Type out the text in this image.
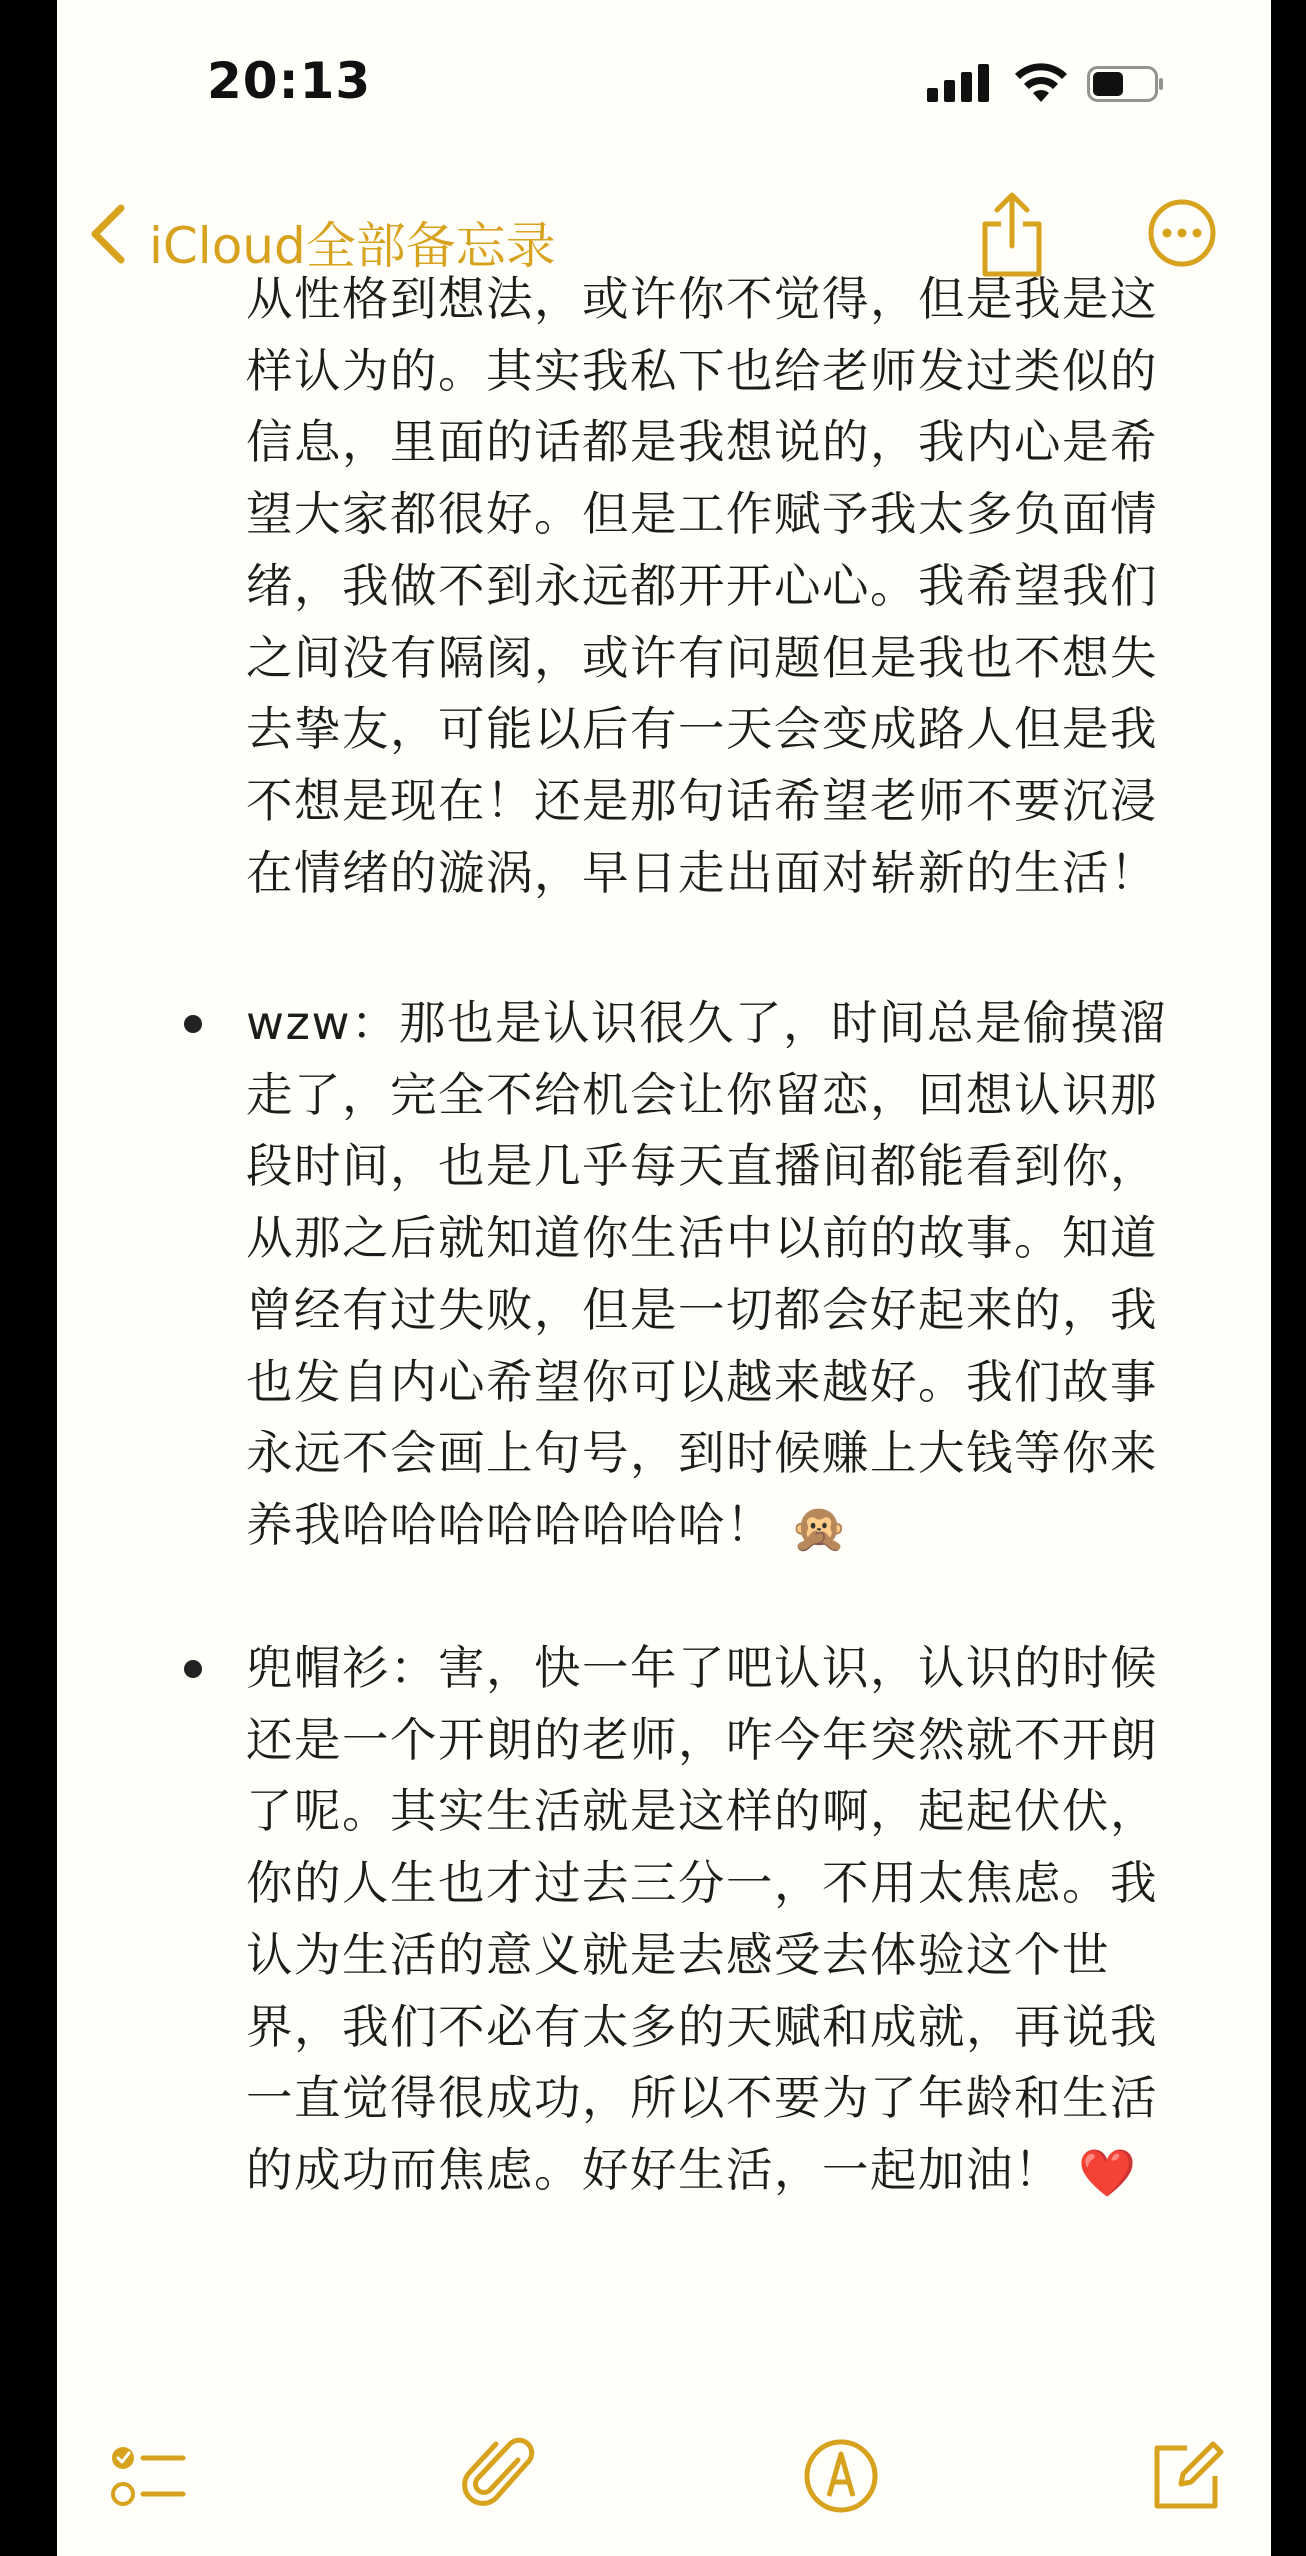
20:13
iCloud全部备忘录
从性格到想法，或许你不觉得，但是我是这
样认为的。其实我私下也给老师发过类似的
信息，里面的话都是我想说的，我内心是希
望大家都很好。但是工作赋予我太多负面情
绪，我做不到永远都开开心心。我希望我们
之间没有隔阂，或许有问题但是我也不想失
去挚友，可能以后有一天会变成路人但是我
不想是现在！还是那句话希望老师不要沉浸
在情绪的漩涡，早日走出面对崭新的生活！
wzw：那也是认识很久了，时间总是偷摸溜
走了，完全不给机会让你留恋，回想认识那
段时间，也是几乎每天直播间都能看到你，
从那之后就知道你生活中以前的故事。知道
曾经有过失败，但是一切都会好起来的，我
也发自内心希望你可以越来越好。我们故事
永远不会画上句号，到时候赚上大钱等你来
养我哈哈哈哈哈哈哈哈！ 🙊
兜帽衫：害，快一年了吧认识，认识的时候
还是一个开朗的老师，咋今年突然就不开朗
了呢。其实生活就是这样的啊，起起伏伏，
你的人生也才过去三分一，不用太焦虑。我
认为生活的意义就是去感受去体验这个世
界，我们不必有太多的天赋和成就，再说我
一直觉得很成功，所以不要为了年龄和生活
的成功而焦虑。好好生活，一起加油！ ❤️
